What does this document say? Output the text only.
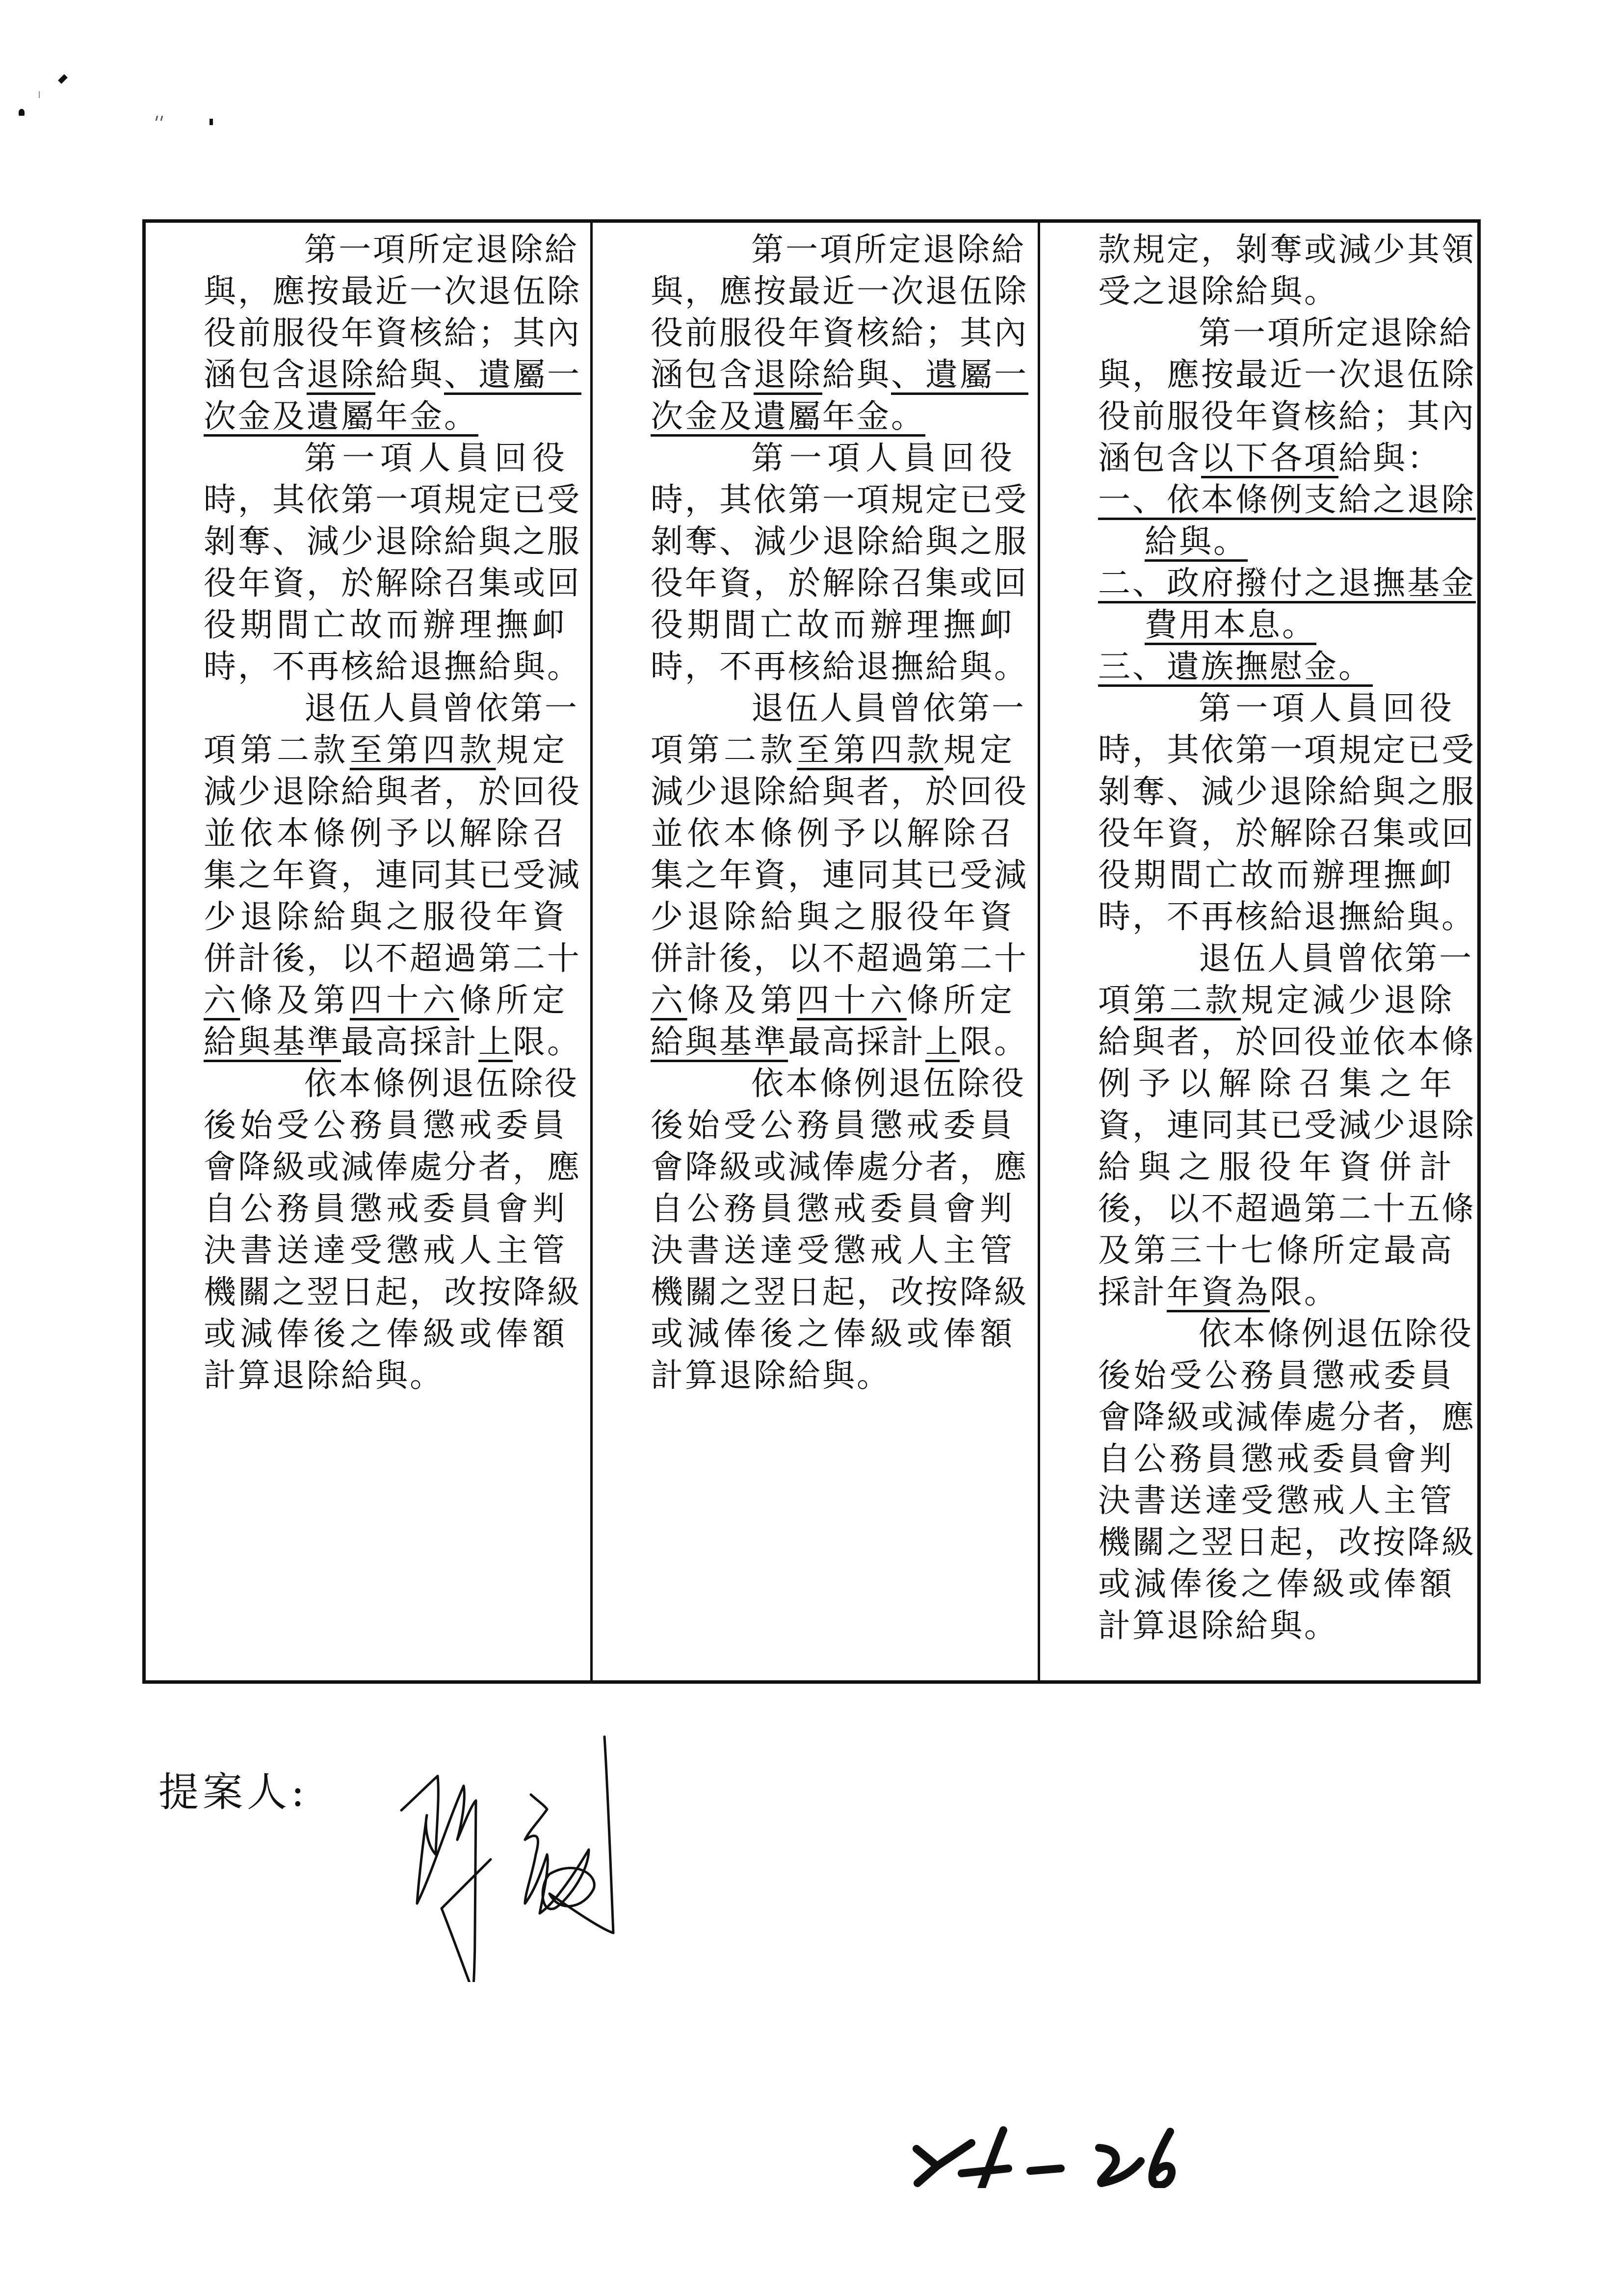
第一項所定退除給
與，應按最近一次退伍除
役前服役年資核給；其內
涵包含退除給與、遺屬一
次金及遺屬年金。
第一項人員回役
時，其依第一項規定已受
剝奪、減少退除給與之服
役年資，於解除召集或回
役期間亡故而辦理撫卹
時，不再核給退撫給與。
退伍人員曾依第一
項第二款至第四款規定
減少退除給與者，於回役
並依本條例予以解除召
集之年資，連同其已受減
少退除給與之服役年資
併計後，以不超過第二十
六條及第四十六條所定
給與基準最高採計上限。
依本條例退伍除役
後始受公務員懲戒委員
會降級或減俸處分者，應
自公務員懲戒委員會判
決書送達受懲戒人主管
機關之翌日起，改按降級
或減俸後之俸級或俸額
計算退除給與。
第一項所定退除給
與，應按最近一次退伍除
役前服役年資核給；其內
涵包含退除給與、遺屬一
次金及遺屬年金。
第一項人員回役
時，其依第一項規定已受
剝奪、減少退除給與之服
役年資，於解除召集或回
役期間亡故而辦理撫卹
時，不再核給退撫給與。
退伍人員曾依第一
項第二款至第四款規定
減少退除給與者，於回役
並依本條例予以解除召
集之年資，連同其已受減
少退除給與之服役年資
併計後，以不超過第二十
六條及第四十六條所定
給與基準最高採計上限。
依本條例退伍除役
後始受公務員懲戒委員
會降級或減俸處分者，應
自公務員懲戒委員會判
決書送達受懲戒人主管
機關之翌日起，改按降級
或減俸後之俸級或俸額
計算退除給與。
款規定，剝奪或減少其領
受之退除給與。
第一項所定退除給
與，應按最近一次退伍除
役前服役年資核給；其內
涵包含以下各項給與：
一、依本條例支給之退除
給與。
二、政府撥付之退撫基金
費用本息。
三、遺族撫慰金。
第一項人員回役
時，其依第一項規定已受
剝奪、減少退除給與之服
役年資，於解除召集或回
役期間亡故而辦理撫卹
時，不再核給退撫給與。
退伍人員曾依第一
項第二款規定減少退除
給與者，於回役並依本條
例予以解除召集之年
資，連同其已受減少退除
給與之服役年資併計
後，以不超過第二十五條
及第三十七條所定最高
採計年資為限。
依本條例退伍除役
後始受公務員懲戒委員
會降級或減俸處分者，應
自公務員懲戒委員會判
決書送達受懲戒人主管
機關之翌日起，改按降級
或減俸後之俸級或俸額
計算退除給與。
提案人:
